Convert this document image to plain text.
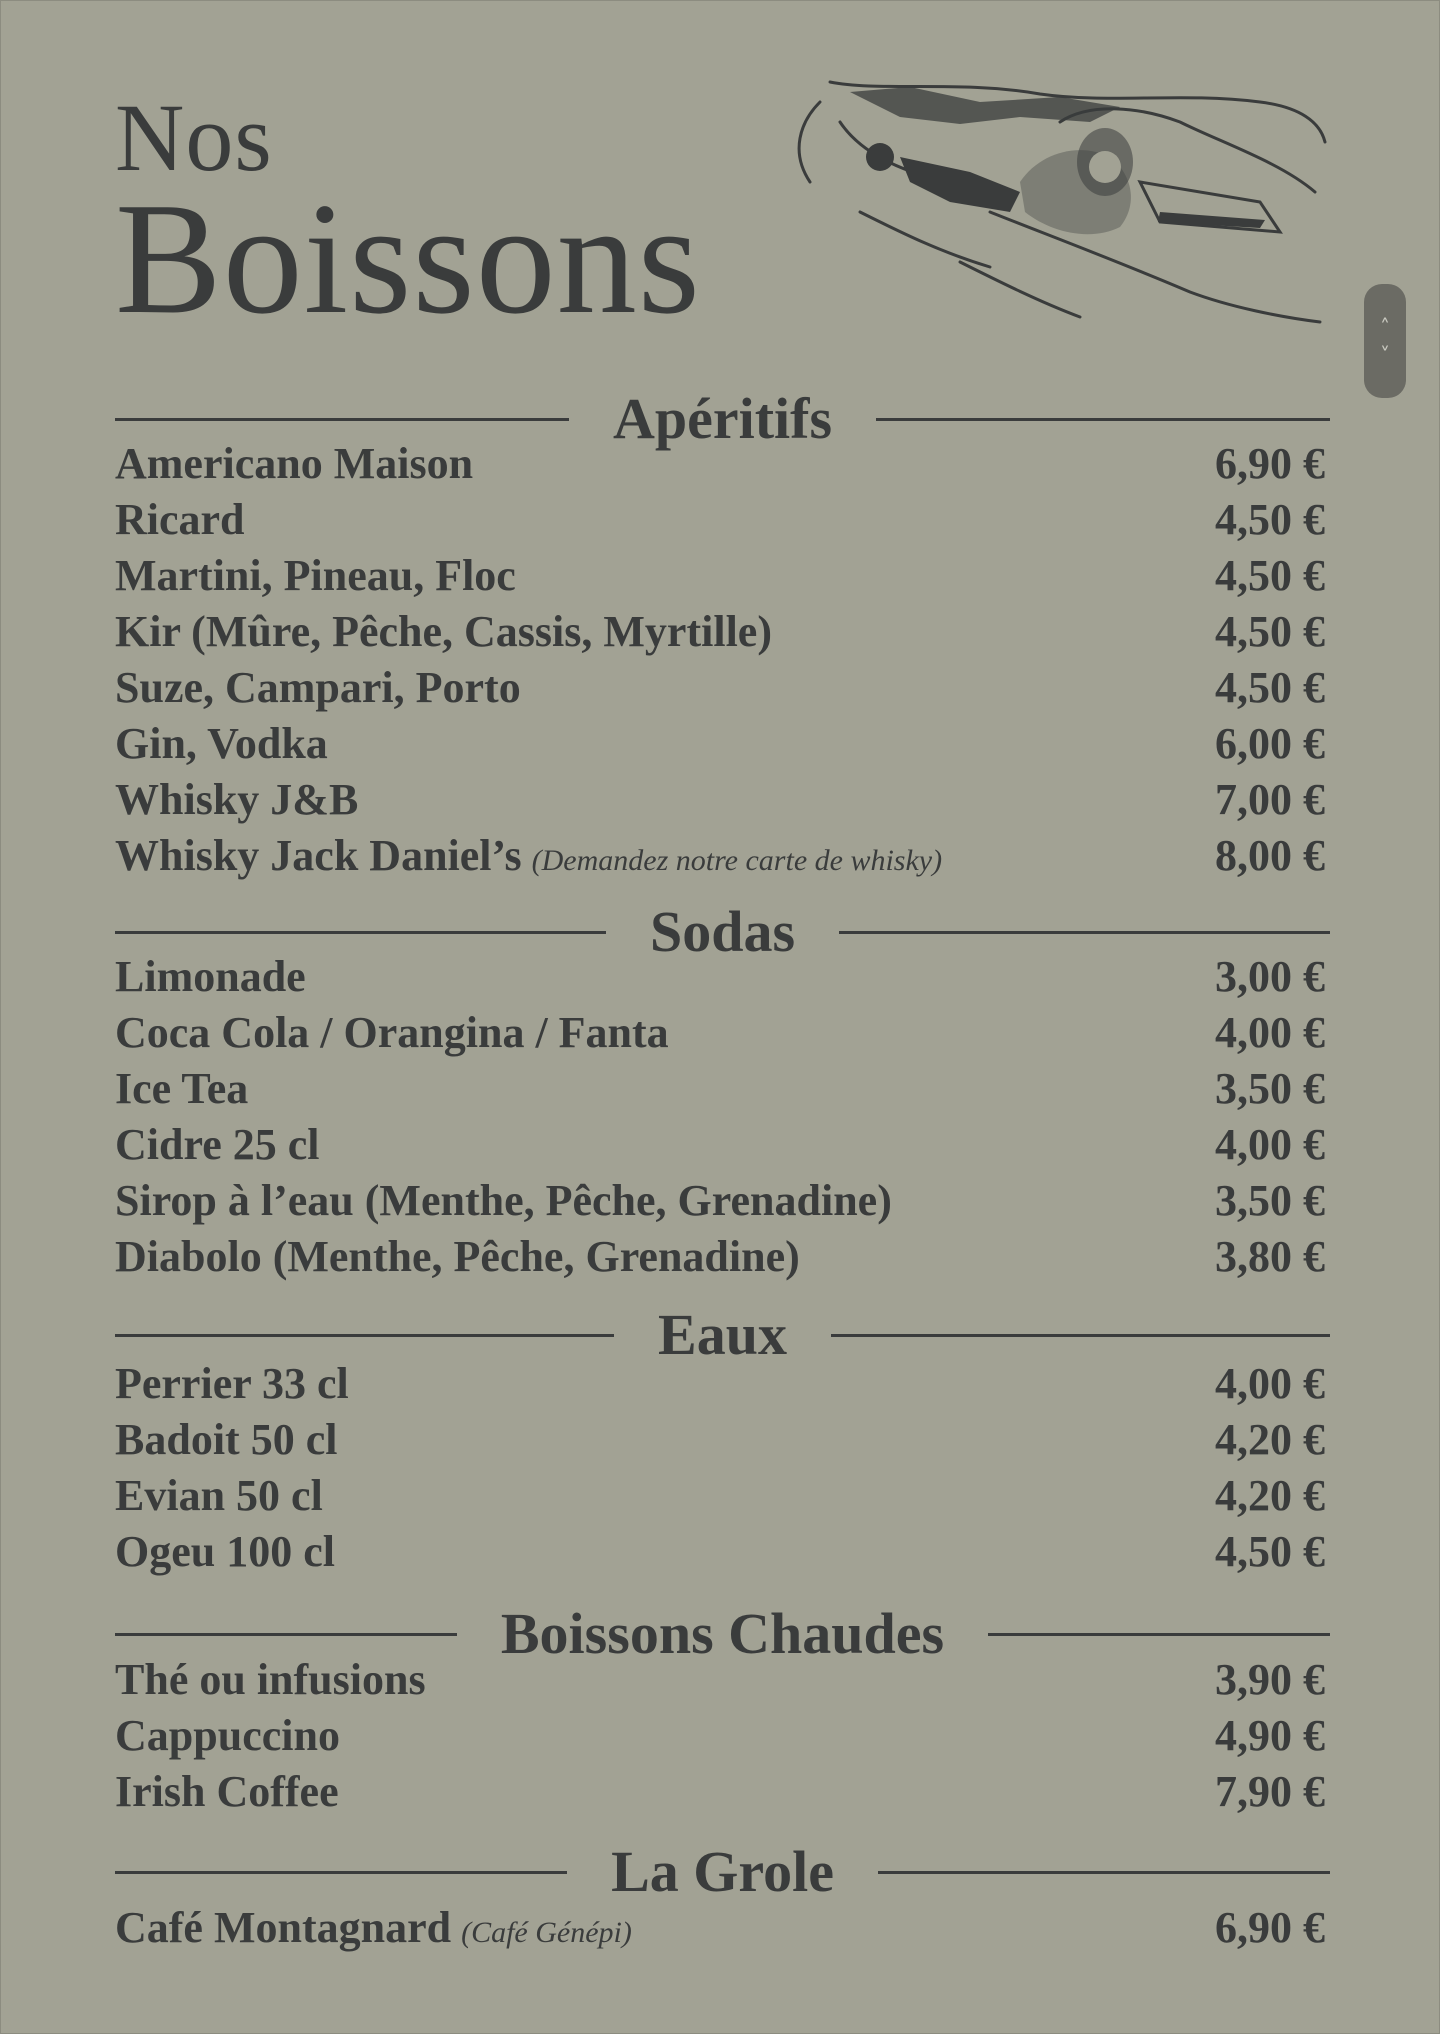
Nos
Boissons	˄
˅
Apéritifs
Americano Maison	6,90 €
Ricard	4,50 €
Martini, Pineau, Floc	4,50 €
Kir (Mûre, Pêche, Cassis, Myrtille)	4,50 €
Suze, Campari, Porto	4,50 €
Gin, Vodka	6,00 €
Whisky J&B	7,00 €
Whisky Jack Daniel’s (Demandez notre carte de whisky)	8,00 €
Sodas
Limonade	3,00 €
Coca Cola / Orangina / Fanta	4,00 €
Ice Tea	3,50 €
Cidre 25 cl	4,00 €
Sirop à l’eau (Menthe, Pêche, Grenadine)	3,50 €
Diabolo (Menthe, Pêche, Grenadine)	3,80 €
Eaux
Perrier 33 cl	4,00 €
Badoit 50 cl	4,20 €
Evian 50 cl	4,20 €
Ogeu 100 cl	4,50 €
Boissons Chaudes
Thé ou infusions	3,90 €
Cappuccino	4,90 €
Irish Coffee	7,90 €
La Grole
Café Montagnard (Café Génépi)	6,90 €
